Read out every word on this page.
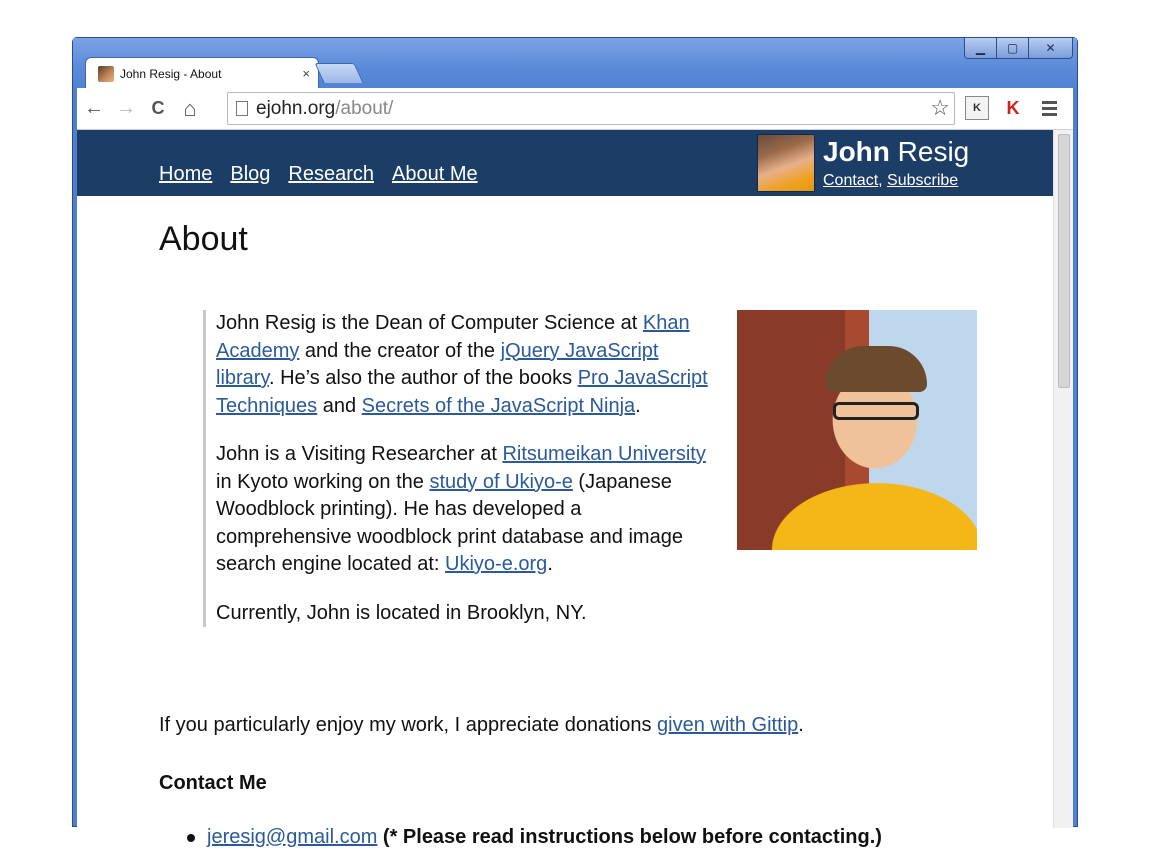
▁	▢	✕
John Resig - About	×
← → C ⌂	ejohn.org /about/	☆	K	K
Home Blog Research About Me
John Resig
Contact, Subscribe
About

John Resig is the Dean of Computer Science at Khan Academy and the creator of the jQuery JavaScript library. He’s also the author of the books Pro JavaScript Techniques and Secrets of the JavaScript Ninja.

John is a Visiting Researcher at Ritsumeikan University in Kyoto working on the study of Ukiyo-e (Japanese Woodblock printing). He has developed a comprehensive woodblock print database and image search engine located at: Ukiyo-e.org.

Currently, John is located in Brooklyn, NY.

If you particularly enjoy my work, I appreciate donations given with Gittip.
Contact Me
jeresig@gmail.com (* Please read instructions below before contacting.)
